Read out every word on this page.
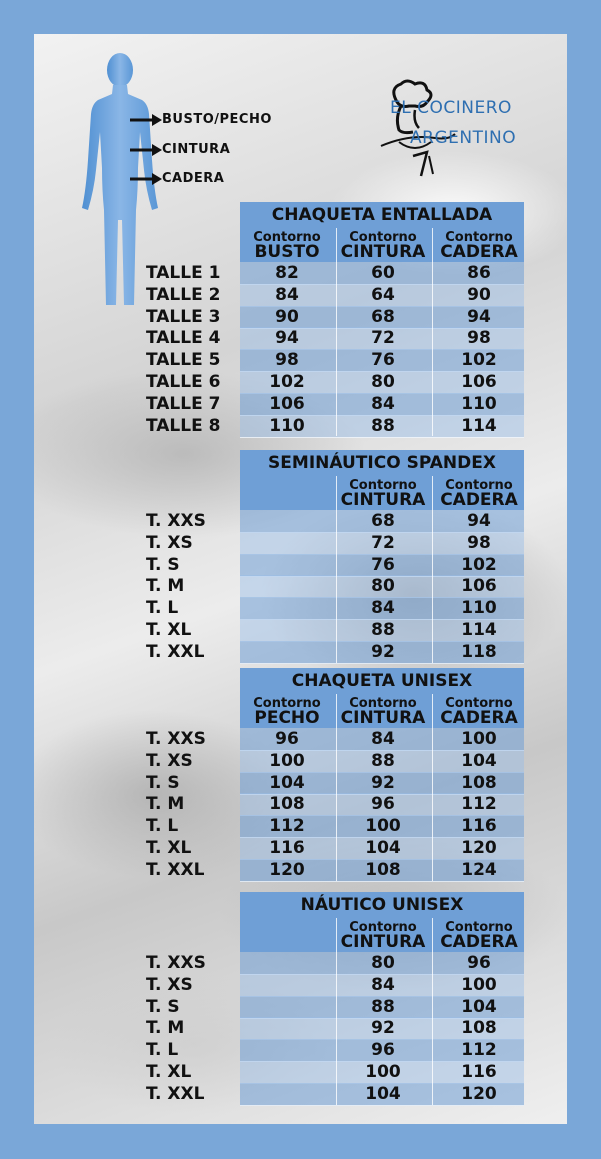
BUSTO/PECHO
CINTURA
CADERA
EL COCINERO
ARGENTINO
CHAQUETA ENTALLADA
Contorno
BUSTO
Contorno
CINTURA
Contorno
CADERA
TALLE 1	82	60	86
TALLE 2	84	64	90
TALLE 3	90	68	94
TALLE 4	94	72	98
TALLE 5	98	76	102
TALLE 6	102	80	106
TALLE 7	106	84	110
TALLE 8	110	88	114
SEMINÁUTICO SPANDEX

Contorno
CINTURA
Contorno
CADERA
T. XXS	68	94
T. XS	72	98
T. S	76	102
T. M	80	106
T. L	84	110
T. XL	88	114
T. XXL	92	118
CHAQUETA UNISEX
Contorno
PECHO
Contorno
CINTURA
Contorno
CADERA
T. XXS	96	84	100
T. XS	100	88	104
T. S	104	92	108
T. M	108	96	112
T. L	112	100	116
T. XL	116	104	120
T. XXL	120	108	124
NÁUTICO UNISEX

Contorno
CINTURA
Contorno
CADERA
T. XXS	80	96
T. XS	84	100
T. S	88	104
T. M	92	108
T. L	96	112
T. XL	100	116
T. XXL	104	120
